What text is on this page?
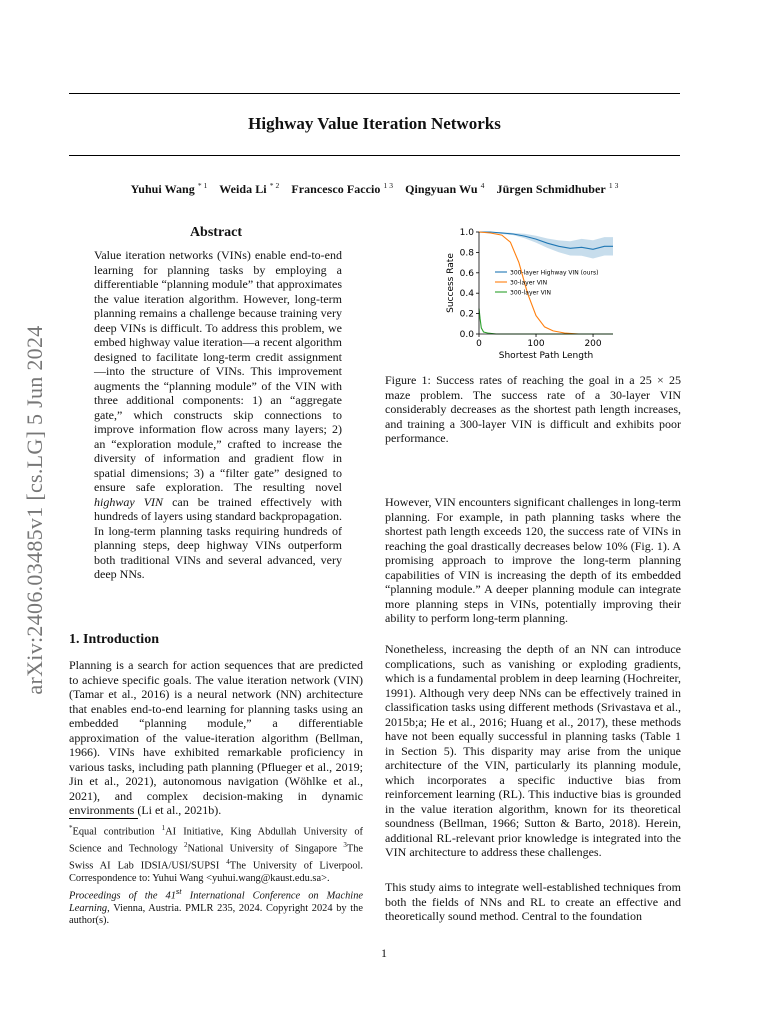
Highway Value Iteration Networks
Yuhui Wang $^{* 1}$ Weida Li $^{* 2}$ Francesco Faccio $^{1 3}$ Qingyuan Wu $^4$ Jürgen Schmidhuber $^{1 3}$
arXiv:2406.03485v1 [cs.LG] 5 Jun 2024
Abstract
Value iteration networks (VINs) enable end-to-end learning for planning tasks by employing a differentiable “planning module” that approximates the value iteration algorithm. However, long-term planning remains a challenge because training very deep VINs is difficult. To address this problem, we embed highway value iteration—a recent algorithm designed to facilitate long-term credit assignment—into the structure of VINs. This improvement augments the “planning module” of the VIN with three additional components: 1) an “aggregate gate,” which constructs skip connections to improve information flow across many layers; 2) an “exploration module,” crafted to increase the diversity of information and gradient flow in spatial dimensions; 3) a “filter gate” designed to ensure safe exploration. The resulting novel highway VIN can be trained effectively with hundreds of layers using standard backpropagation. In long-term planning tasks requiring hundreds of planning steps, deep highway VINs outperform both traditional VINs and several advanced, very deep NNs.
1. Introduction
Planning is a search for action sequences that are predicted to achieve specific goals. The value iteration network (VIN) (Tamar et al., 2016) is a neural network (NN) architecture that enables end-to-end learning for planning tasks using an embedded “planning module,” a differentiable approximation of the value-iteration algorithm (Bellman, 1966). VINs have exhibited remarkable proficiency in various tasks, including path planning (Pflueger et al., 2019; Jin et al., 2021), autonomous navigation (Wöhlke et al., 2021), and complex decision-making in dynamic environments (Li et al., 2021b).
*Equal contribution $^1$AI Initiative, King Abdullah University of Science and Technology $^2$National University of Singapore $^3$The Swiss AI Lab IDSIA/USI/SUPSI $^4$The University of Liverpool. Correspondence to: Yuhui Wang <yuhui.wang@kaust.edu.sa>.
Proceedings of the 41st International Conference on Machine Learning, Vienna, Austria. PMLR 235, 2024. Copyright 2024 by the author(s).
0.0
0.2
0.4
0.6
0.8
1.0
0	100	200
Shortest Path Length
Success Rate	300-layer Highway VIN (ours)
30-layer VIN
300-layer VIN
Figure 1: Success rates of reaching the goal in a 25 × 25 maze problem. The success rate of a 30-layer VIN considerably decreases as the shortest path length increases, and training a 300-layer VIN is difficult and exhibits poor performance.
However, VIN encounters significant challenges in long-term planning. For example, in path planning tasks where the shortest path length exceeds 120, the success rate of VINs in reaching the goal drastically decreases below 10% (Fig. 1). A promising approach to improve the long-term planning capabilities of VIN is increasing the depth of its embedded “planning module.” A deeper planning module can integrate more planning steps in VINs, potentially improving their ability to perform long-term planning.
Nonetheless, increasing the depth of an NN can introduce complications, such as vanishing or exploding gradients, which is a fundamental problem in deep learning (Hochreiter, 1991). Although very deep NNs can be effectively trained in classification tasks using different methods (Srivastava et al., 2015b;a; He et al., 2016; Huang et al., 2017), these methods have not been equally successful in planning tasks (Table 1 in Section 5). This disparity may arise from the unique architecture of the VIN, particularly its planning module, which incorporates a specific inductive bias from reinforcement learning (RL). This inductive bias is grounded in the value iteration algorithm, known for its theoretical soundness (Bellman, 1966; Sutton & Barto, 2018). Herein, additional RL-relevant prior knowledge is integrated into the VIN architecture to address these challenges.
This study aims to integrate well-established techniques from both the fields of NNs and RL to create an effective and theoretically sound method. Central to the foundation
1
